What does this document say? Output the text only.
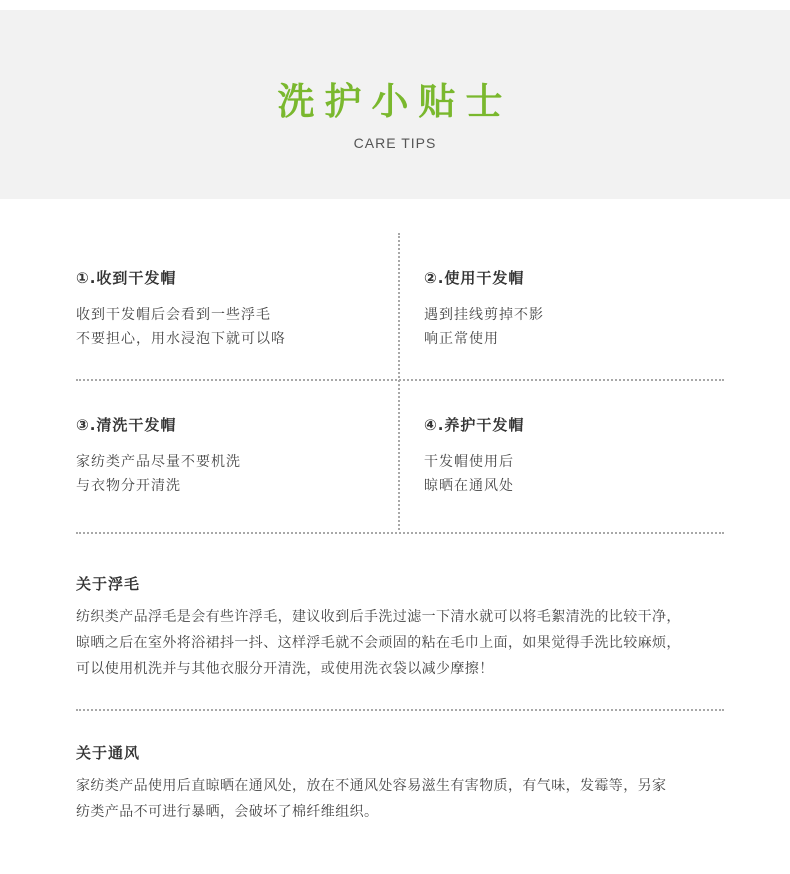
洗护小贴士
CARE TIPS
①.收到干发帽
收到干发帽后会看到一些浮毛
不要担心，用水浸泡下就可以咯
②.使用干发帽
遇到挂线剪掉不影
响正常使用
③.清洗干发帽
家纺类产品尽量不要机洗
与衣物分开清洗
④.养护干发帽
干发帽使用后
晾晒在通风处
关于浮毛
纺织类产品浮毛是会有些许浮毛，建议收到后手洗过滤一下清水就可以将毛絮清洗的比较干净，
晾晒之后在室外将浴裙抖一抖、这样浮毛就不会顽固的粘在毛巾上面，如果觉得手洗比较麻烦，
可以使用机洗并与其他衣服分开清洗，或使用洗衣袋以减少摩擦！
关于通风
家纺类产品使用后直晾晒在通风处，放在不通风处容易滋生有害物质，有气味，发霉等，另家
纺类产品不可进行暴晒，会破坏了棉纤维组织。
